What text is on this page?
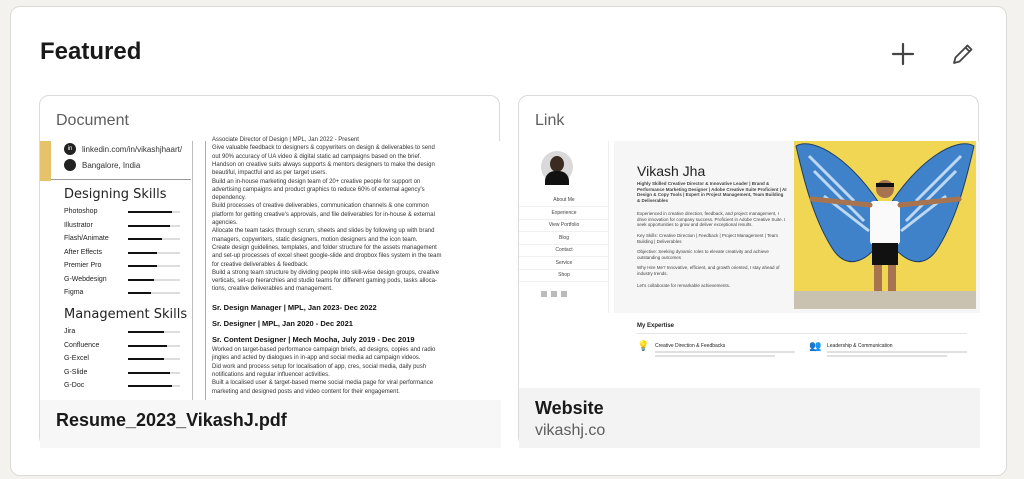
Featured
Document
in	linkedin.com/in/vikashjhaart/
Bangalore, India
Designing Skills
Photoshop
Illustrator
Flash/Animate
After Effects
Premier Pro
G-Webdesign
Figma
Management Skills
Jira
Confluence
G-Excel
G-Slide
G-Doc
Associate Director of Design | MPL, Jan 2022 - Present
Give valuable feedback to designers & copywriters on design & deliverables to send
out 90% accuracy of UA video & digital static ad campaigns based on the brief.
Handson on creative suits always supports & mentors designers to make the design
beautiful, impactful and as per target users.
Build an in-house marketing design team of 20+ creative people for support on
advertising campaigns and product graphics to reduce 60% of external agency's
dependency.
Build processes of creative deliverables, communication channels & one common
platform for getting creative's approvals, and file deliverables for in-house & external
agencies.
Allocate the team tasks through scrum, sheets and slides by following up with brand
managers, copywriters, static designers, motion designers and the icon team.
Create design guidelines, templates, and folder structure for the assets management
and set-up processes of excel sheet google-slide and dropbox files system in the team
for creative deliverables & feedback.
Build a strong team structure by dividing people into skill-wise design groups, creative
verticals, set-up hierarchies and studio teams for different gaming pods, tasks alloca-
tions, creative deliverables and management.
Sr. Design Manager | MPL, Jan 2023- Dec 2022
Sr. Designer | MPL, Jan 2020 - Dec 2021
Sr. Content Designer | Mech Mocha, July 2019 - Dec 2019
Worked on target-based performance campaign briefs, ad designs, copies and radio
jingles and acted by dialogues in in-app and social media ad campaign videos.
Did work and process setup for localisation of app, cres, social media, daily push
notifications and regular influencer activities.
Built a localised user & target-based meme social media page for viral performance
marketing and designed posts and video content for their engagement.
Resume_2023_VikashJ.pdf
Link
About Me
Experience
View Portfolio
Blog
Contact
Service
Shop
Vikash Jha
Highly Skilled Creative Director & Innovative Leader | Brand & Performance Marketing Designer | Adobe Creative Suite Proficient | AI Design & Copy Tools | Expert in Project Management, Team Building & Deliverables
Experienced in creative direction, feedback, and project management, I drive innovation for company success. Proficient in Adobe Creative Suite. I seek opportunities to grow and deliver exceptional results.
Key Skills: Creative Direction | Feedback | Project Management | Team Building | Deliverables
Objective: Seeking dynamic roles to elevate creativity and achieve outstanding outcomes
Why Hire Me? Innovative, efficient, and growth oriented, I stay ahead of industry trends.
Let's collaborate for remarkable achievements.
My Expertise
💡 Creative Direction & Feedbacks	👥 Leadership & Communication
Website
vikashj.co
